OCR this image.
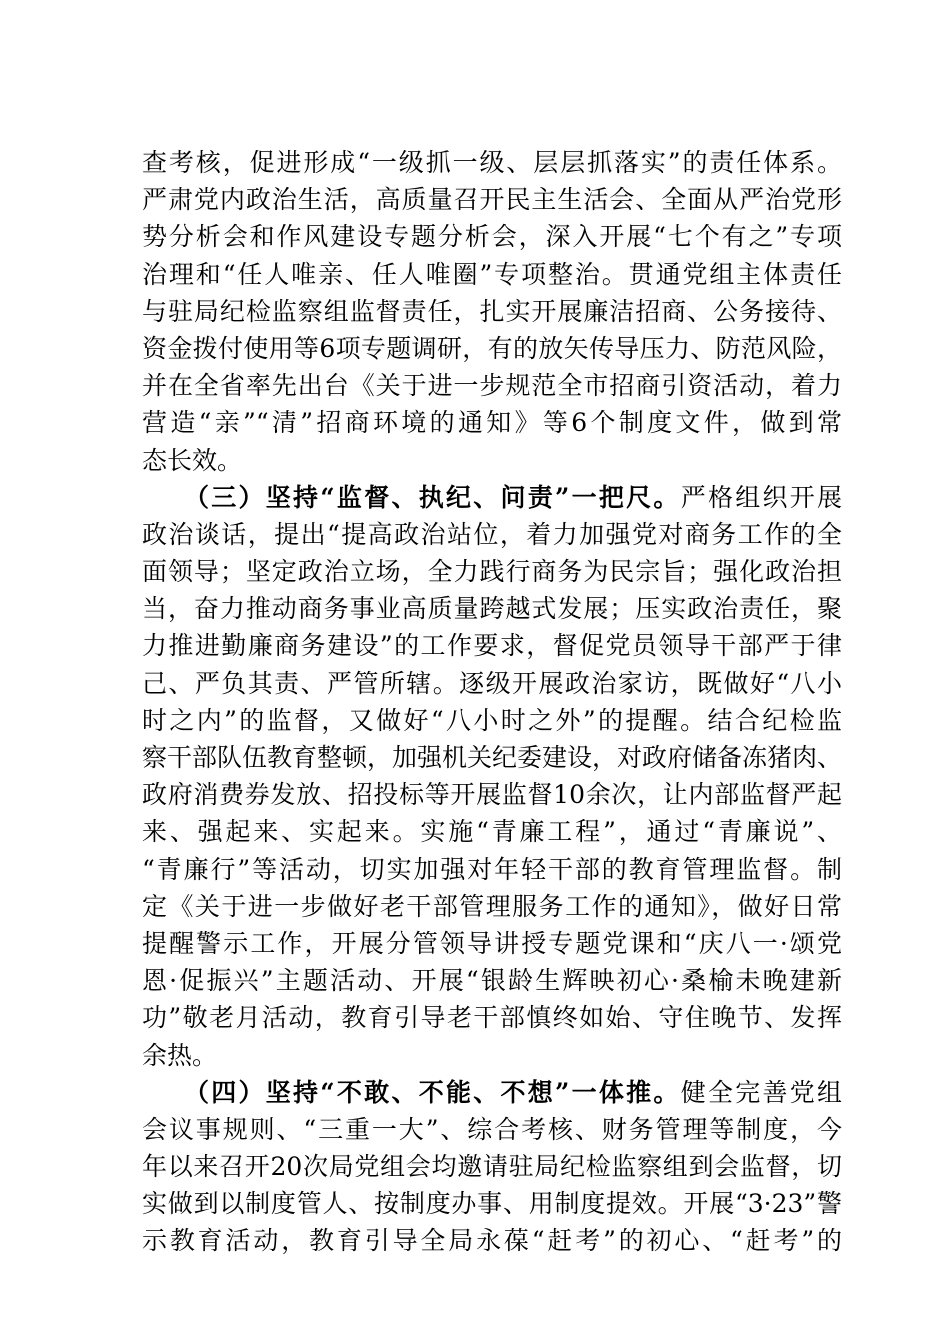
查考核，促进形成“一级抓一级、层层抓落实”的责任体系。
严肃党内政治生活，高质量召开民主生活会、全面从严治党形
势分析会和作风建设专题分析会，深入开展“七个有之”专项
治理和“任人唯亲、任人唯圈”专项整治。贯通党组主体责任
与驻局纪检监察组监督责任，扎实开展廉洁招商、公务接待、
资金拨付使用等6项专题调研，有的放矢传导压力、防范风险，
并在全省率先出台《关于进一步规范全市招商引资活动，着力
营造“亲”“清”招商环境的通知》等6个制度文件，做到常
态长效。
（三）坚持“监督、执纪、问责”一把尺。严格组织开展
政治谈话，提出“提高政治站位，着力加强党对商务工作的全
面领导；坚定政治立场，全力践行商务为民宗旨；强化政治担
当，奋力推动商务事业高质量跨越式发展；压实政治责任，聚
力推进勤廉商务建设”的工作要求，督促党员领导干部严于律
己、严负其责、严管所辖。逐级开展政治家访，既做好“八小
时之内”的监督，又做好“八小时之外”的提醒。结合纪检监
察干部队伍教育整顿，加强机关纪委建设，对政府储备冻猪肉、
政府消费券发放、招投标等开展监督10余次，让内部监督严起
来、强起来、实起来。实施“青廉工程”，通过“青廉说”、
“青廉行”等活动，切实加强对年轻干部的教育管理监督。制
定《关于进一步做好老干部管理服务工作的通知》，做好日常
提醒警示工作，开展分管领导讲授专题党课和“庆八一·颂党
恩·促振兴”主题活动、开展“银龄生辉映初心·桑榆未晚建新
功”敬老月活动，教育引导老干部慎终如始、守住晚节、发挥
余热。
（四）坚持“不敢、不能、不想”一体推。健全完善党组
会议事规则、“三重一大”、综合考核、财务管理等制度，今
年以来召开20次局党组会均邀请驻局纪检监察组到会监督，切
实做到以制度管人、按制度办事、用制度提效。开展“3·23”警
示教育活动，教育引导全局永葆“赶考”的初心、“赶考”的
